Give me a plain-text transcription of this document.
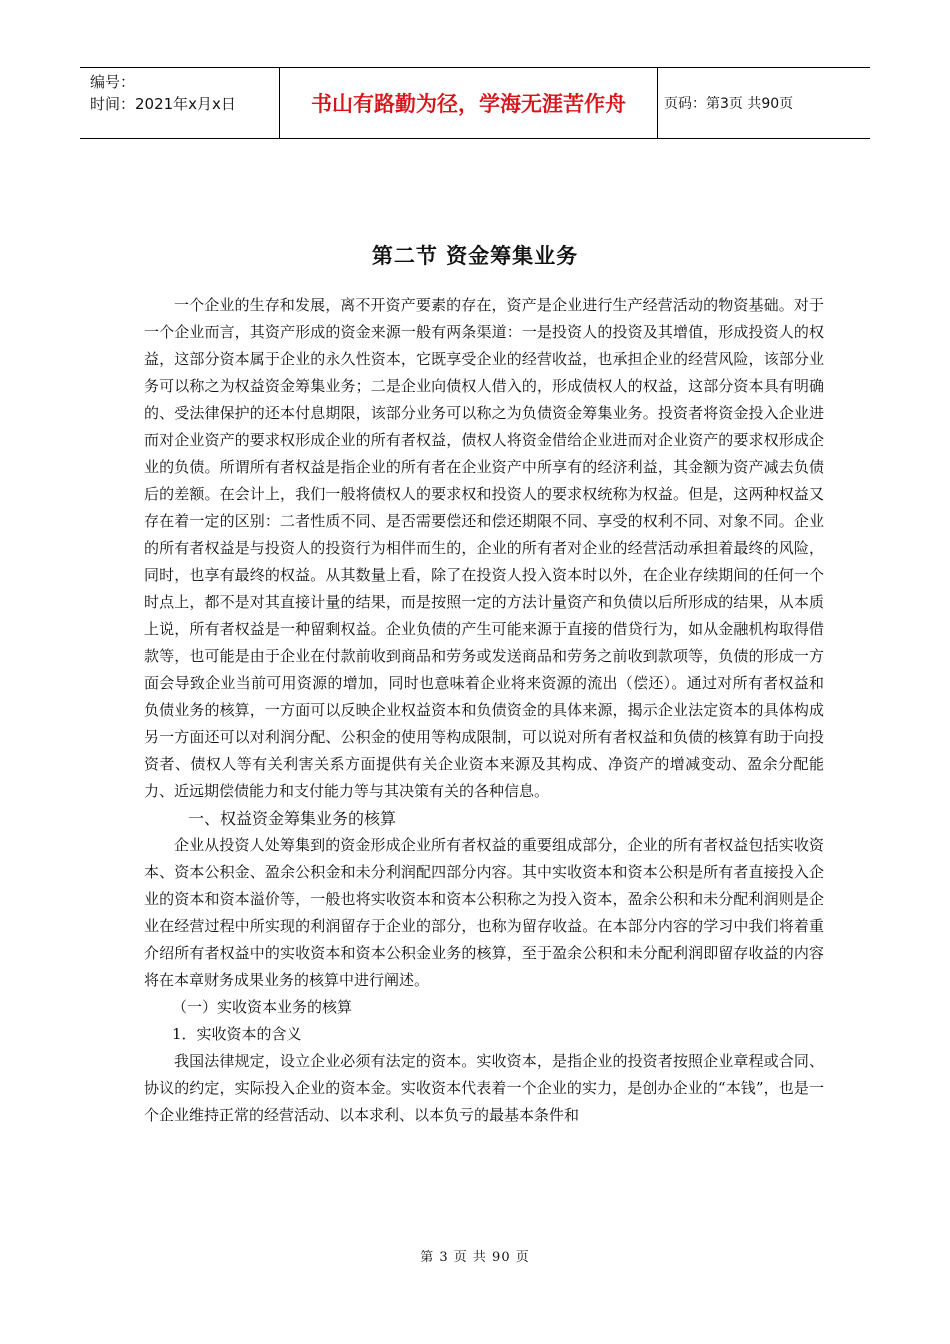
编号：
时间：2021年x月x日	书山有路勤为径，学海无涯苦作舟	页码：第3页 共90页
第二节 资金筹集业务

一个企业的生存和发展，离不开资产要素的存在，资产是企业进行生产经营活动的物资基础。对于一个企业而言，其资产形成的资金来源一般有两条渠道：一是投资人的投资及其增值，形成投资人的权益，这部分资本属于企业的永久性资本，它既享受企业的经营收益，也承担企业的经营风险，该部分业务可以称之为权益资金筹集业务；二是企业向债权人借入的，形成债权人的权益，这部分资本具有明确的、受法律保护的还本付息期限，该部分业务可以称之为负债资金筹集业务。投资者将资金投入企业进而对企业资产的要求权形成企业的所有者权益，债权人将资金借给企业进而对企业资产的要求权形成企业的负债。所谓所有者权益是指企业的所有者在企业资产中所享有的经济利益，其金额为资产减去负债后的差额。在会计上，我们一般将债权人的要求权和投资人的要求权统称为权益。但是，这两种权益又存在着一定的区别：二者性质不同、是否需要偿还和偿还期限不同、享受的权利不同、对象不同。企业的所有者权益是与投资人的投资行为相伴而生的，企业的所有者对企业的经营活动承担着最终的风险，同时，也享有最终的权益。从其数量上看，除了在投资人投入资本时以外，在企业存续期间的任何一个时点上，都不是对其直接计量的结果，而是按照一定的方法计量资产和负债以后所形成的结果，从本质上说，所有者权益是一种留剩权益。企业负债的产生可能来源于直接的借贷行为，如从金融机构取得借款等，也可能是由于企业在付款前收到商品和劳务或发送商品和劳务之前收到款项等，负债的形成一方面会导致企业当前可用资源的增加，同时也意味着企业将来资源的流出（偿还）。通过对所有者权益和负债业务的核算，一方面可以反映企业权益资本和负债资金的具体来源，揭示企业法定资本的具体构成另一方面还可以对利润分配、公积金的使用等构成限制，可以说对所有者权益和负债的核算有助于向投资者、债权人等有关利害关系方面提供有关企业资本来源及其构成、净资产的增减变动、盈余分配能力、近远期偿债能力和支付能力等与其决策有关的各种信息。

一、权益资金筹集业务的核算

企业从投资人处筹集到的资金形成企业所有者权益的重要组成部分，企业的所有者权益包括实收资本、资本公积金、盈余公积金和未分利润配四部分内容。其中实收资本和资本公积是所有者直接投入企业的资本和资本溢价等，一般也将实收资本和资本公积称之为投入资本，盈余公积和未分配利润则是企业在经营过程中所实现的利润留存于企业的部分，也称为留存收益。在本部分内容的学习中我们将着重介绍所有者权益中的实收资本和资本公积金业务的核算，至于盈余公积和未分配利润即留存收益的内容将在本章财务成果业务的核算中进行阐述。

（一）实收资本业务的核算

1．实收资本的含义

我国法律规定，设立企业必须有法定的资本。实收资本，是指企业的投资者按照企业章程或合同、协议的约定，实际投入企业的资本金。实收资本代表着一个企业的实力，是创办企业的“本钱”，也是一个企业维持正常的经营活动、以本求利、以本负亏的最基本条件和

第 3 页 共 90 页
